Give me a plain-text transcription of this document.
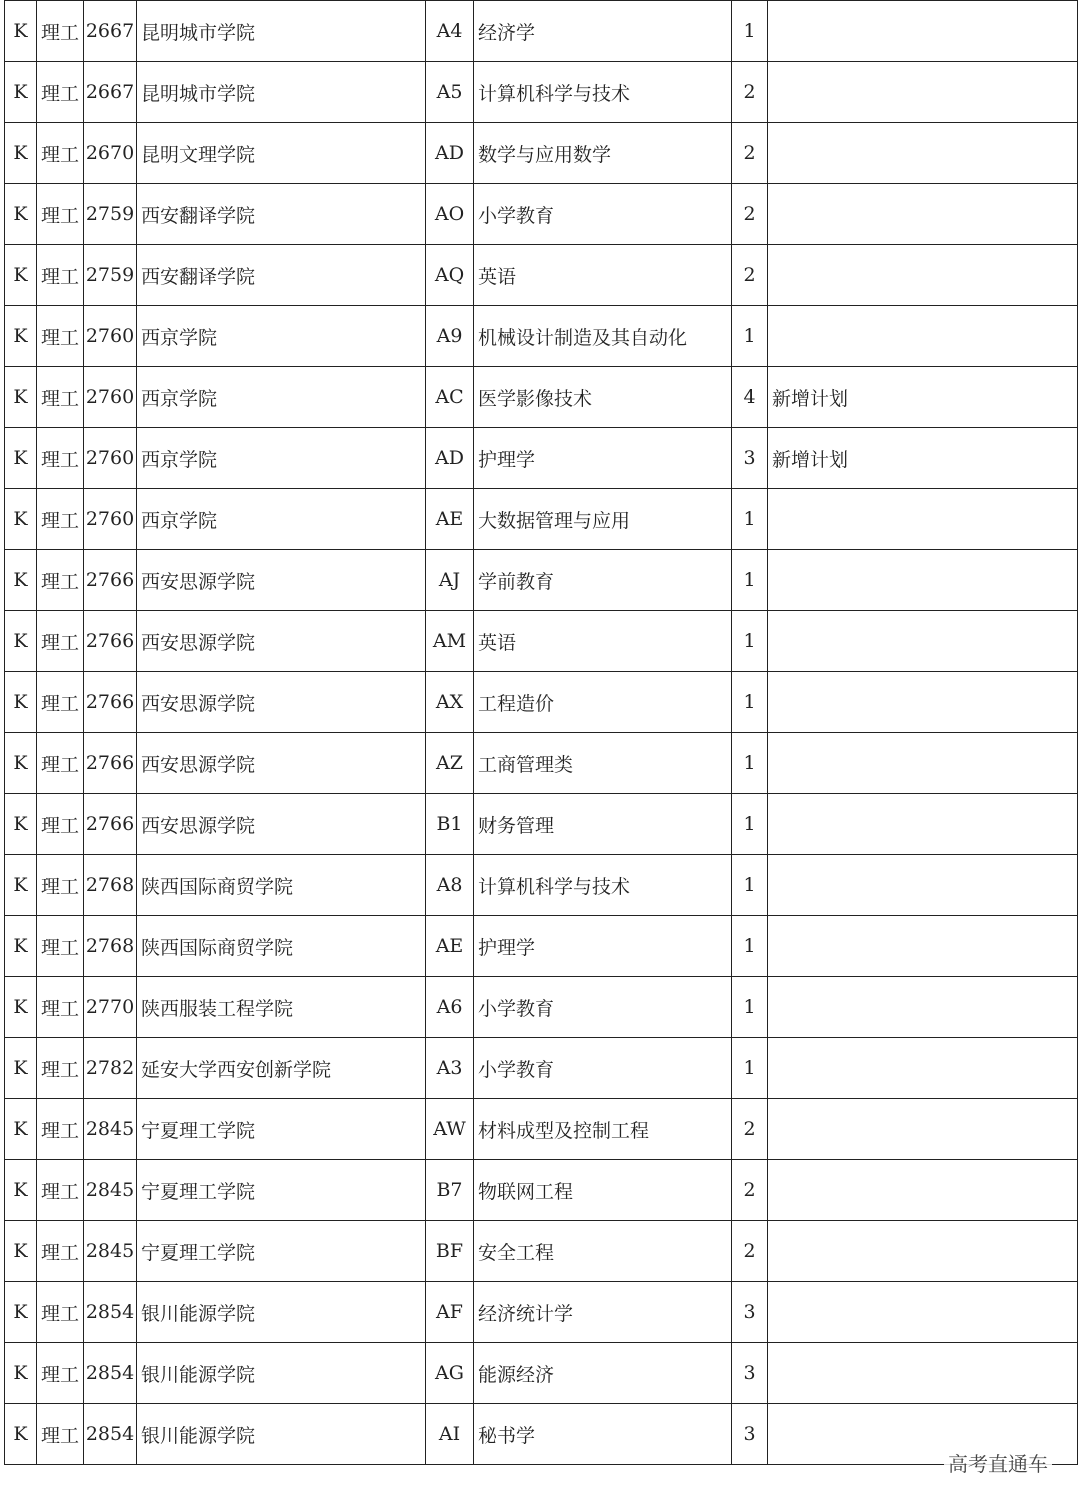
K	理工	2667	昆明城市学院	A4	经济学	1	
K	理工	2667	昆明城市学院	A5	计算机科学与技术	2	
K	理工	2670	昆明文理学院	AD	数学与应用数学	2	
K	理工	2759	西安翻译学院	AO	小学教育	2	
K	理工	2759	西安翻译学院	AQ	英语	2	
K	理工	2760	西京学院	A9	机械设计制造及其自动化	1	
K	理工	2760	西京学院	AC	医学影像技术	4	新增计划
K	理工	2760	西京学院	AD	护理学	3	新增计划
K	理工	2760	西京学院	AE	大数据管理与应用	1	
K	理工	2766	西安思源学院	AJ	学前教育	1	
K	理工	2766	西安思源学院	AM	英语	1	
K	理工	2766	西安思源学院	AX	工程造价	1	
K	理工	2766	西安思源学院	AZ	工商管理类	1	
K	理工	2766	西安思源学院	B1	财务管理	1	
K	理工	2768	陕西国际商贸学院	A8	计算机科学与技术	1	
K	理工	2768	陕西国际商贸学院	AE	护理学	1	
K	理工	2770	陕西服装工程学院	A6	小学教育	1	
K	理工	2782	延安大学西安创新学院	A3	小学教育	1	
K	理工	2845	宁夏理工学院	AW	材料成型及控制工程	2	
K	理工	2845	宁夏理工学院	B7	物联网工程	2	
K	理工	2845	宁夏理工学院	BF	安全工程	2	
K	理工	2854	银川能源学院	AF	经济统计学	3	
K	理工	2854	银川能源学院	AG	能源经济	3	
K	理工	2854	银川能源学院	AI	秘书学	3	
高考直通车
